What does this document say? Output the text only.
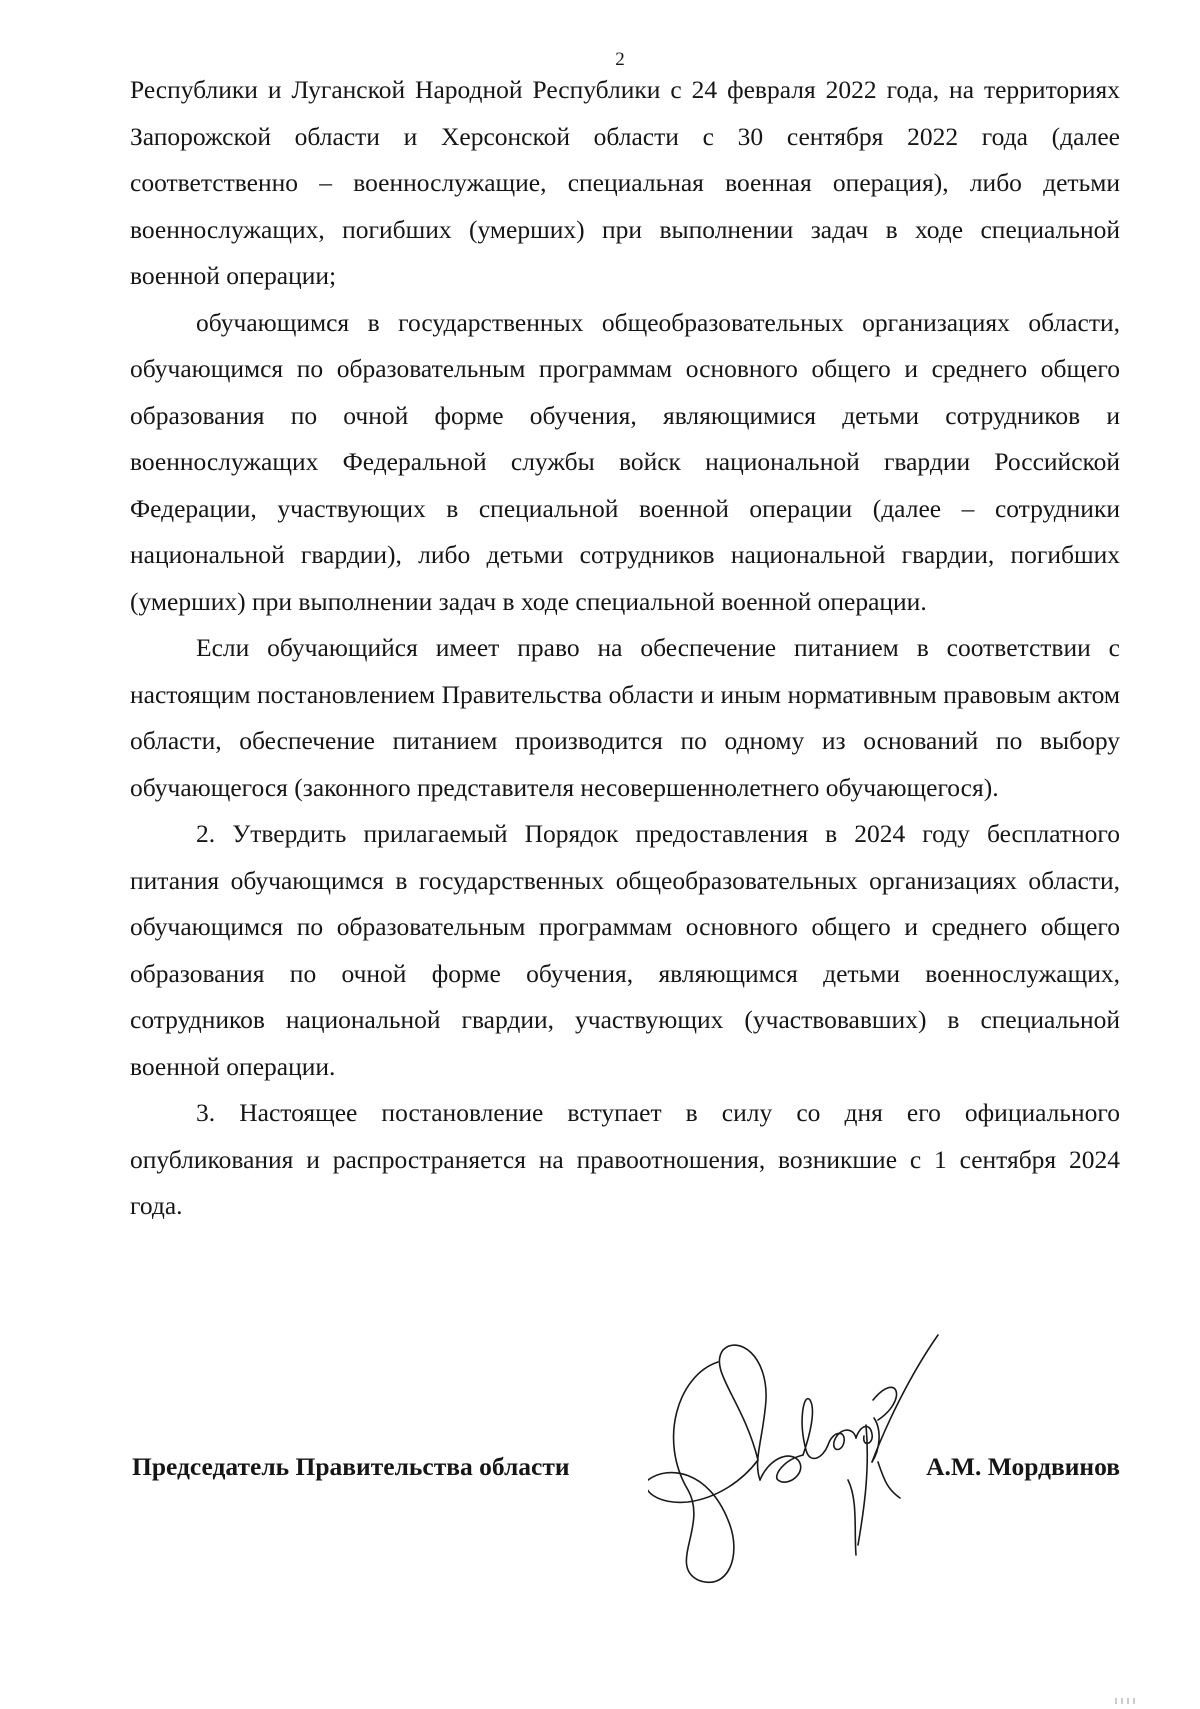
2

Республики и Луганской Народной Республики с 24 февраля 2022 года, на территориях Запорожской области и Херсонской области с 30 сентября 2022 года (далее соответственно – военнослужащие, специальная военная операция), либо детьми военнослужащих, погибших (умерших) при выполнении задач в ходе специальной военной операции;

обучающимся в государственных общеобразовательных организациях области, обучающимся по образовательным программам основного общего и среднего общего образования по очной форме обучения, являющимися детьми сотрудников и военнослужащих Федеральной службы войск национальной гвардии Российской Федерации, участвующих в специальной военной операции (далее – сотрудники национальной гвардии), либо детьми сотрудников национальной гвардии, погибших (умерших) при выполнении задач в ходе специальной военной операции.

Если обучающийся имеет право на обеспечение питанием в соответствии с настоящим постановлением Правительства области и иным нормативным правовым актом области, обеспечение питанием производится по одному из оснований по выбору обучающегося (законного представителя несовершеннолетнего обучающегося).

2. Утвердить прилагаемый Порядок предоставления в 2024 году бесплатного питания обучающимся в государственных общеобразовательных организациях области, обучающимся по образовательным программам основного общего и среднего общего образования по очной форме обучения, являющимся детьми военнослужащих, сотрудников национальной гвардии, участвующих (участвовавших) в специальной военной операции.

3. Настоящее постановление вступает в силу со дня его официального опубликования и распространяется на правоотношения, возникшие с 1 сентября 2024 года.

Председатель Правительства области	А.М. Мордвинов
